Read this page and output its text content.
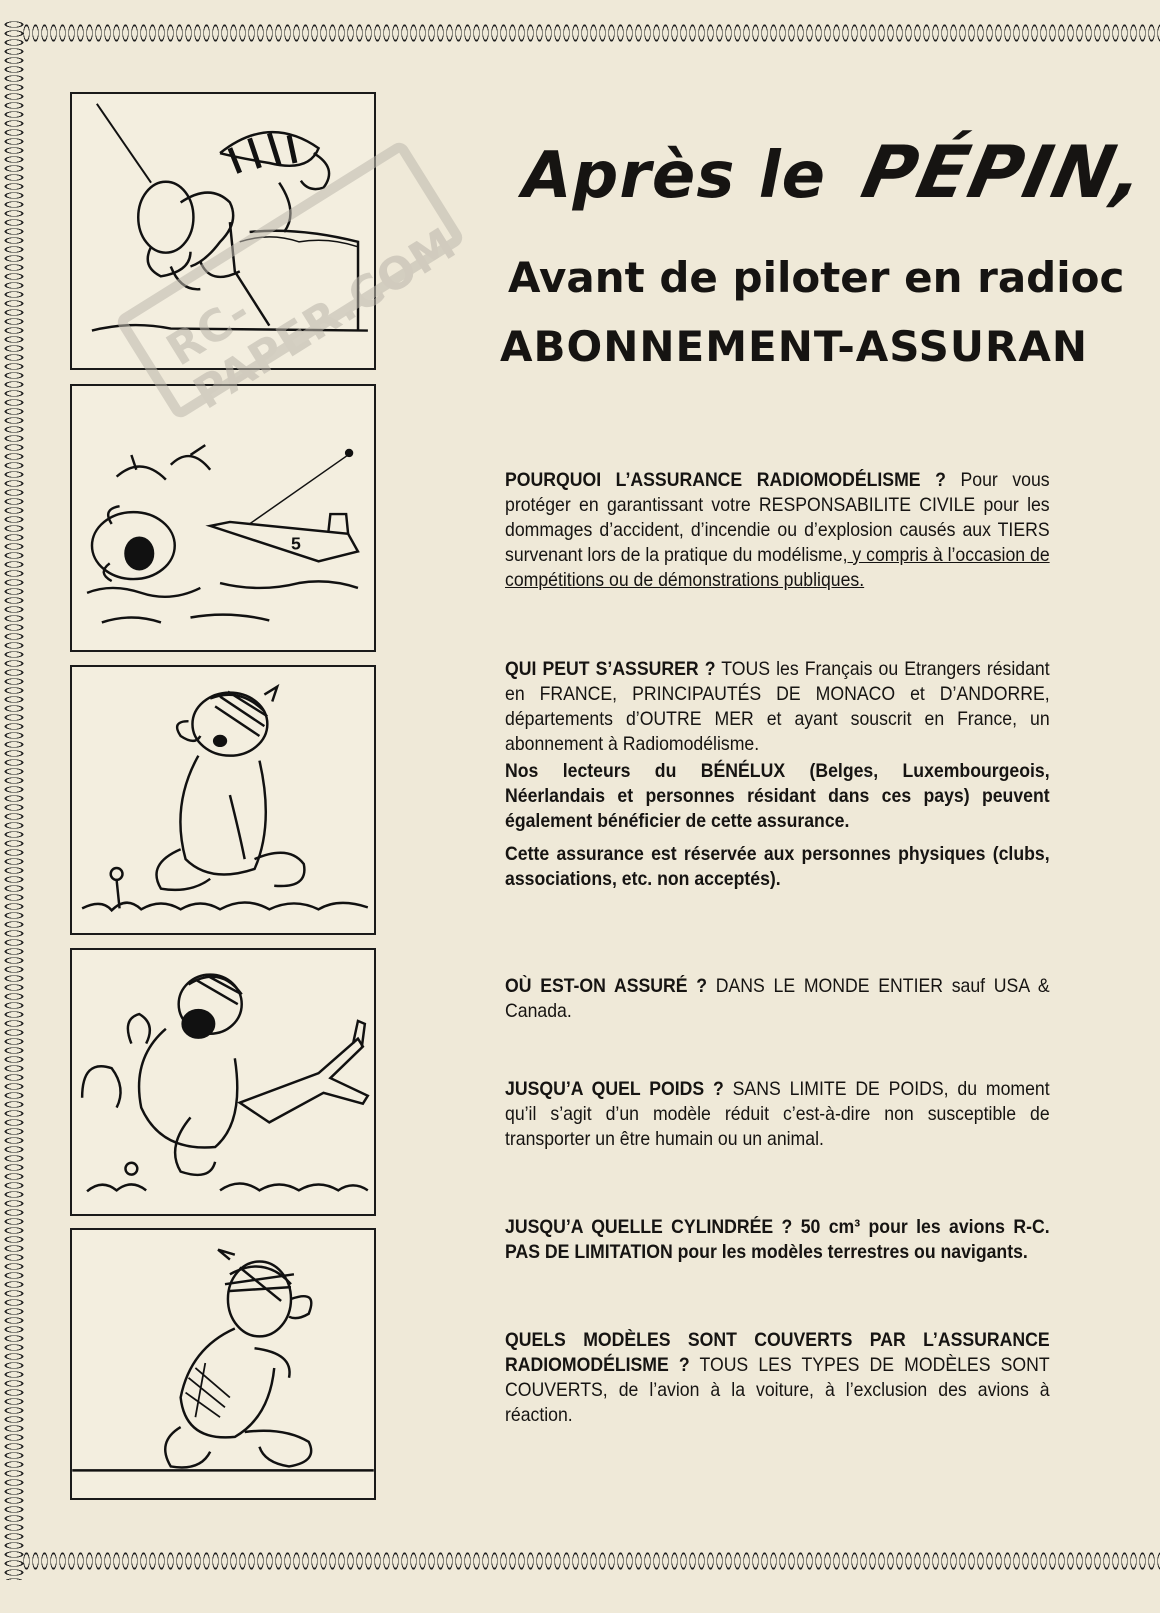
5
RC-PAPER.COM
Après le PÉPIN,
Avant de piloter en radioc
ABONNEMENT-ASSURAN

POURQUOI L’ASSURANCE RADIOMODÉLISME ? Pour vous protéger en garantissant votre RESPONSABILITE CIVILE pour les dommages d’accident, d’incendie ou d’explosion causés aux TIERS survenant lors de la pratique du modélisme, y compris à l’occasion de compétitions ou de démonstrations publiques.

QUI PEUT S’ASSURER ? TOUS les Français ou Etrangers résidant en FRANCE, PRINCIPAUTÉS DE MONACO et D’ANDORRE, départements d’OUTRE MER et ayant souscrit en France, un abonnement à Radiomodélisme.

Nos lecteurs du BÉNÉLUX (Belges, Luxembourgeois, Néerlandais et personnes résidant dans ces pays) peuvent également bénéficier de cette assurance.

Cette assurance est réservée aux personnes physiques (clubs, associations, etc. non acceptés).

OÙ EST-ON ASSURÉ ? DANS LE MONDE ENTIER sauf USA & Canada.

JUSQU’A QUEL POIDS ? SANS LIMITE DE POIDS, du moment qu’il s’agit d’un modèle réduit c’est-à-dire non susceptible de transporter un être humain ou un animal.

JUSQU’A QUELLE CYLINDRÉE ? 50 cm³ pour les avions R-C. PAS DE LIMITATION pour les modèles terrestres ou navigants.

QUELS MODÈLES SONT COUVERTS PAR L’ASSURANCE RADIOMODÉLISME ? TOUS LES TYPES DE MODÈLES SONT COUVERTS, de l’avion à la voiture, à l’exclusion des avions à réaction.
